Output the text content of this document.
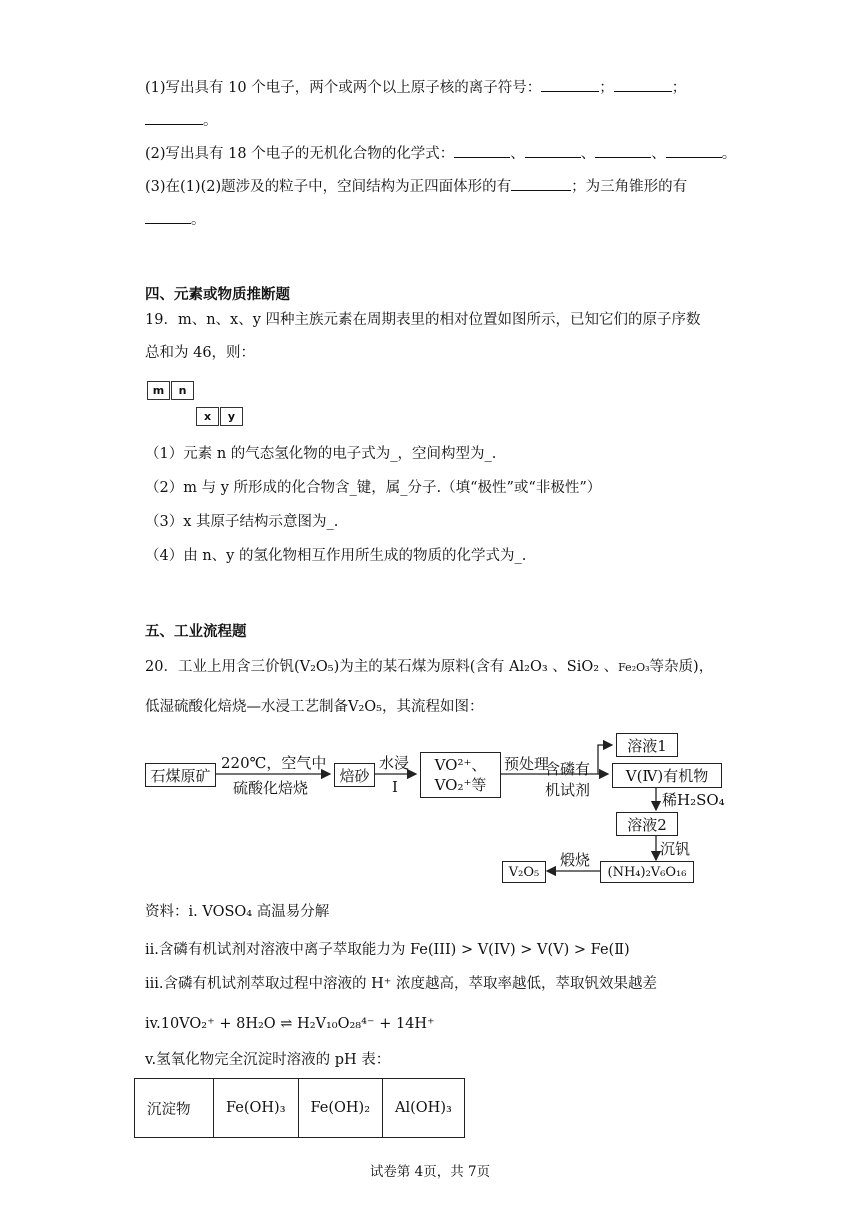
(1)写出具有 10 个电子，两个或两个以上原子核的离子符号：	；	；
。
(2)写出具有 18 个电子的无机化合物的化学式：	、	、	、	。
(3)在(1)(2)题涉及的粒子中，空间结构为正四面体形的有	；为三角锥形的有
。
四、元素或物质推断题
19．m、n、x、y 四种主族元素在周期表里的相对位置如图所示，已知它们的原子序数
总和为 46，则：
m	n
x	y
（1）元素 n 的气态氢化物的电子式为_，空间构型为_.
（2）m 与 y 所形成的化合物含_键，属_分子.（填“极性”或“非极性”）
（3）x 其原子结构示意图为_.
（4）由 n、y 的氢化物相互作用所生成的物质的化学式为_.
五、工业流程题
20．工业上用含三价钒(V₂O₅)为主的某石煤为原料(含有 Al₂O₃ 、SiO₂ 、Fe₂O₃等杂质)，
低湿硫酸化焙烧—水浸工艺制备V₂O₅，其流程如图：
石煤原矿
220℃，空气中
硫酸化焙烧
焙砂
水浸
Ⅰ
VO²⁺、
VO₂⁺等
预处理
含磷有
机试剂
溶液1
V(Ⅳ)有机物
稀H₂SO₄
溶液2
沉钒
煅烧
(NH₄)₂V₆O₁₆
V₂O₅
资料：i. VOSO₄ 高温易分解
ii.含磷有机试剂对溶液中离子萃取能力为 Fe(III) > V(IV) > V(V) > Fe(Ⅱ)
iii.含磷有机试剂萃取过程中溶液的 H⁺ 浓度越高，萃取率越低，萃取钒效果越差
iv.10VO₂⁺ + 8H₂O ⇌ H₂V₁₀O₂₈⁴⁻ + 14H⁺
v.氢氧化物完全沉淀时溶液的 pH 表：
沉淀物	Fe(OH)₃	Fe(OH)₂	Al(OH)₃
试卷第 4页，共 7页
